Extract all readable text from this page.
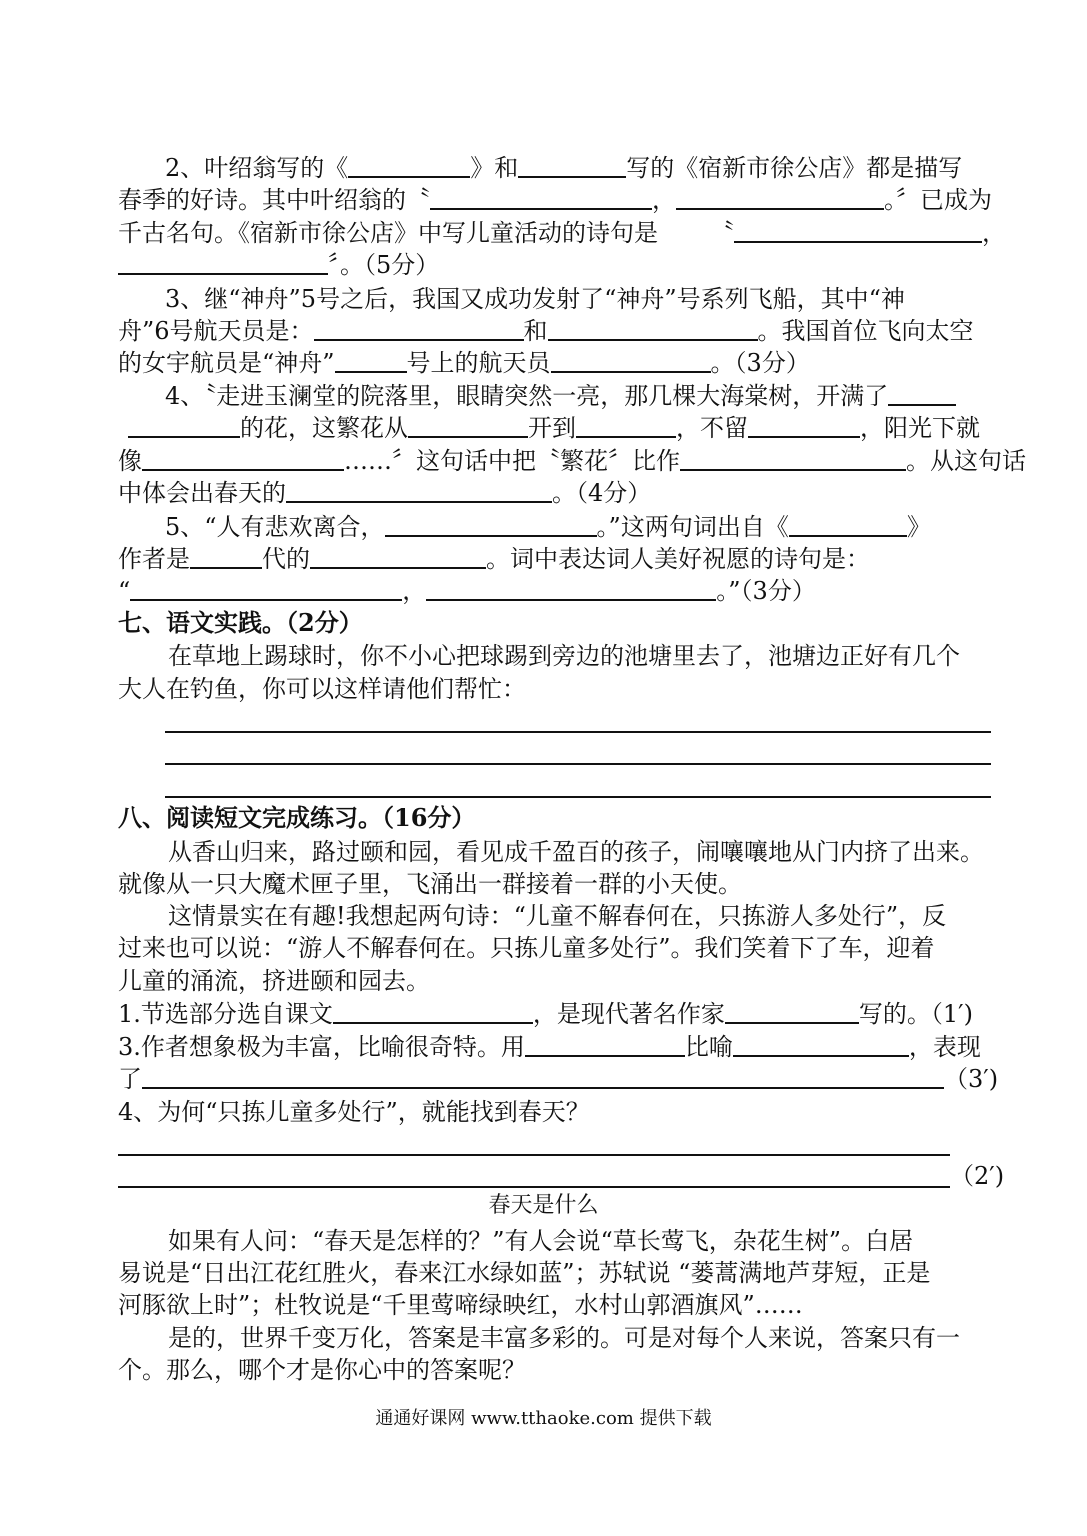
2、叶绍翁写的《	》和	写的《宿新市徐公店》都是描写
春季的好诗。其中叶绍翁的〝	，	。〞已成为
千古名句。《宿新市徐公店》中写儿童活动的诗句是 〝	，
〞。（5分）
3、继“神舟”5号之后，我国又成功发射了“神舟”号系列飞船，其中“神
舟”6号航天员是：	和	。我国首位飞向太空
的女宇航员是“神舟”	号上的航天员	。（3分）
4、〝走进玉澜堂的院落里，眼睛突然一亮，那几棵大海棠树，开满了
的花，这繁花从	开到	，不留	，阳光下就
像	……〞这句话中把〝繁花〞比作	。从这句话
中体会出春天的	。（4分）
5、“人有悲欢离合，	。”这两句词出自《	》
作者是	代的	。词中表达词人美好祝愿的诗句是：
“	，	。”（3分）
七、语文实践。（2分）
在草地上踢球时，你不小心把球踢到旁边的池塘里去了，池塘边正好有几个
大人在钓鱼，你可以这样请他们帮忙：
八、阅读短文完成练习。（16分）
从香山归来，路过颐和园，看见成千盈百的孩子，闹嚷嚷地从门内挤了出来。
就像从一只大魔术匣子里，飞涌出一群接着一群的小天使。
这情景实在有趣!我想起两句诗：“儿童不解春何在，只拣游人多处行”，反
过来也可以说：“游人不解春何在。只拣儿童多处行”。我们笑着下了车，迎着
儿童的涌流，挤进颐和园去。
1.节选部分选自课文	，是现代著名作家	写的。（1′)
3.作者想象极为丰富，比喻很奇特。用	比喻	，表现
了	（3′)
4、为何“只拣儿童多处行”，就能找到春天？
（2′)
春天是什么
如果有人问：“春天是怎样的？”有人会说“草长莺飞，杂花生树”。白居
易说是“日出江花红胜火，春来江水绿如蓝”；苏轼说 “蒌蒿满地芦芽短，正是
河豚欲上时”；杜牧说是“千里莺啼绿映红，水村山郭酒旗风”……
是的，世界千变万化，答案是丰富多彩的。可是对每个人来说，答案只有一
个。那么，哪个才是你心中的答案呢？
通通好课网 www.tthaoke.com 提供下载
